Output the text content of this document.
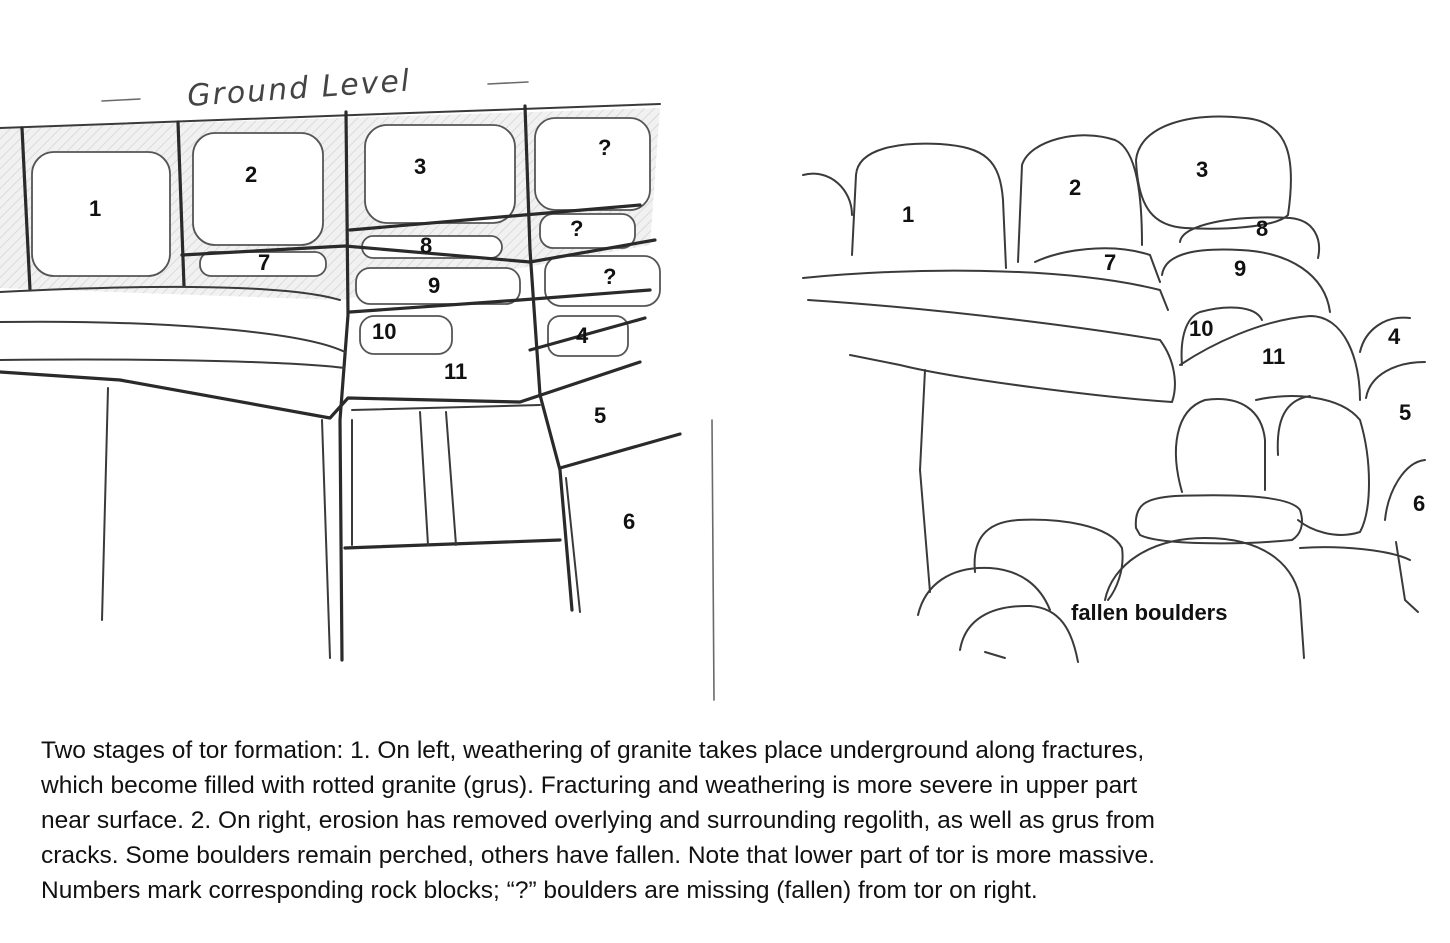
Ground Level
1
2	3
?
?
?
7
8
9
10
11
4
5
6
1
2
3
8
7	9
10
11
4
5
6
fallen boulders

Two stages of tor formation: 1. On left, weathering of granite takes place underground along fractures,

which become filled with rotted granite (grus). Fracturing and weathering is more severe in upper part

near surface. 2. On right, erosion has removed overlying and surrounding regolith, as well as grus from

cracks. Some boulders remain perched, others have fallen. Note that lower part of tor is more massive.

Numbers mark corresponding rock blocks; “?” boulders are missing (fallen) from tor on right.
